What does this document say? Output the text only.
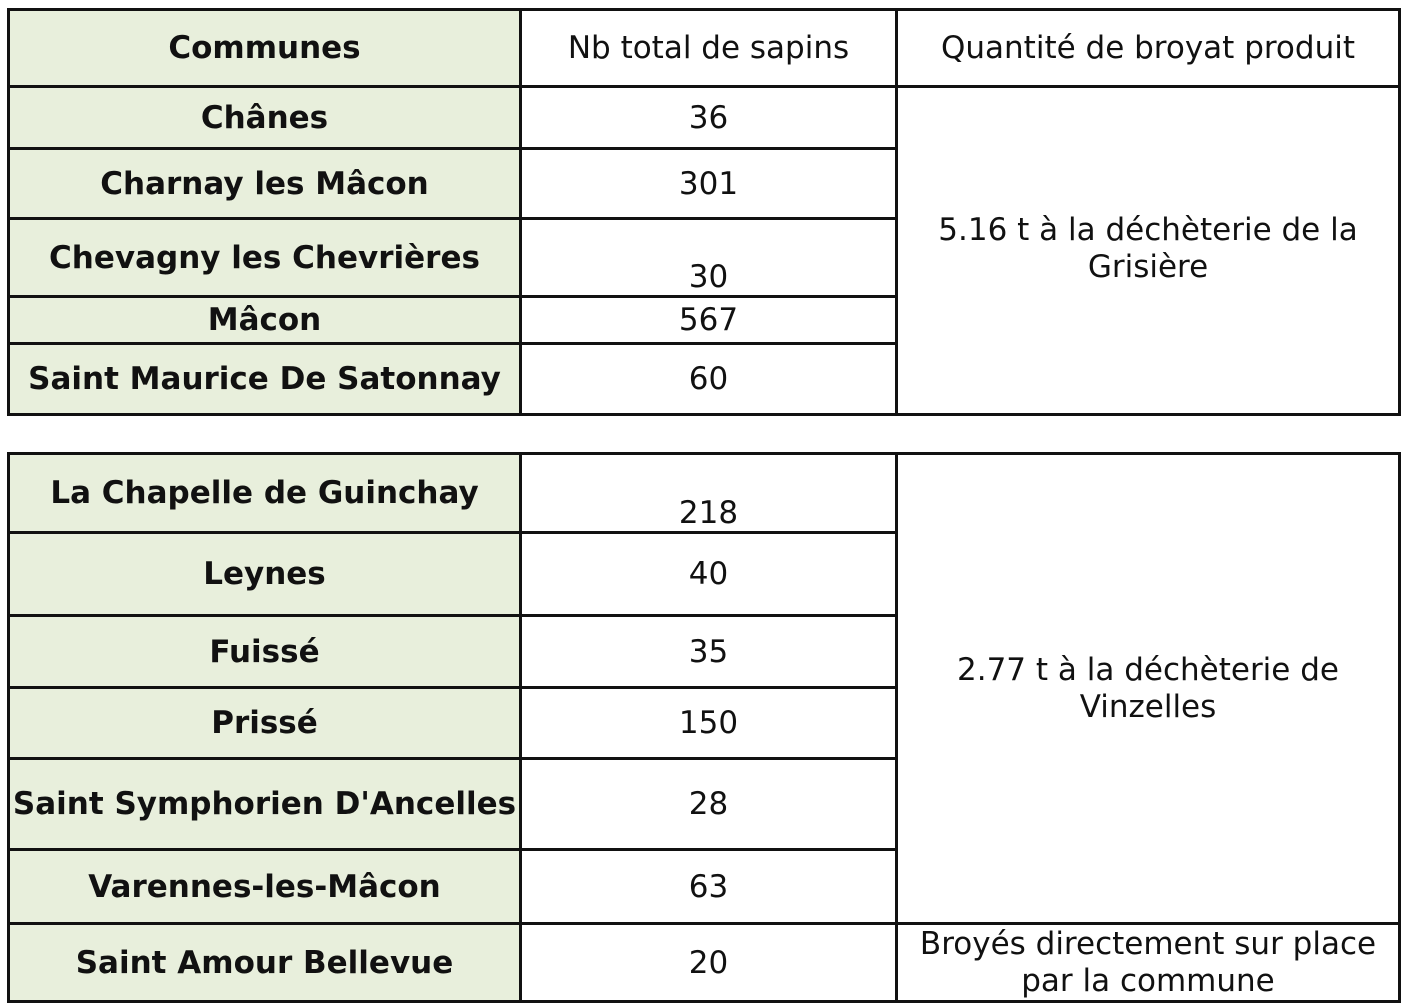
Communes	Nb total de sapins	Quantité de broyat produit
Chânes	36	5.16 t à la déchèterie de la Grisière
Charnay les Mâcon	301	
Chevagny les Chevrières	30	
Mâcon	567	
Saint Maurice De Satonnay	60	
La Chapelle de Guinchay	218	2.77 t à la déchèterie de Vinzelles
Leynes	40	
Fuissé	35	
Prissé	150	
Saint Symphorien D'Ancelles	28	
Varennes-les-Mâcon	63	
Saint Amour Bellevue	20	Broyés directement sur place par la commune
